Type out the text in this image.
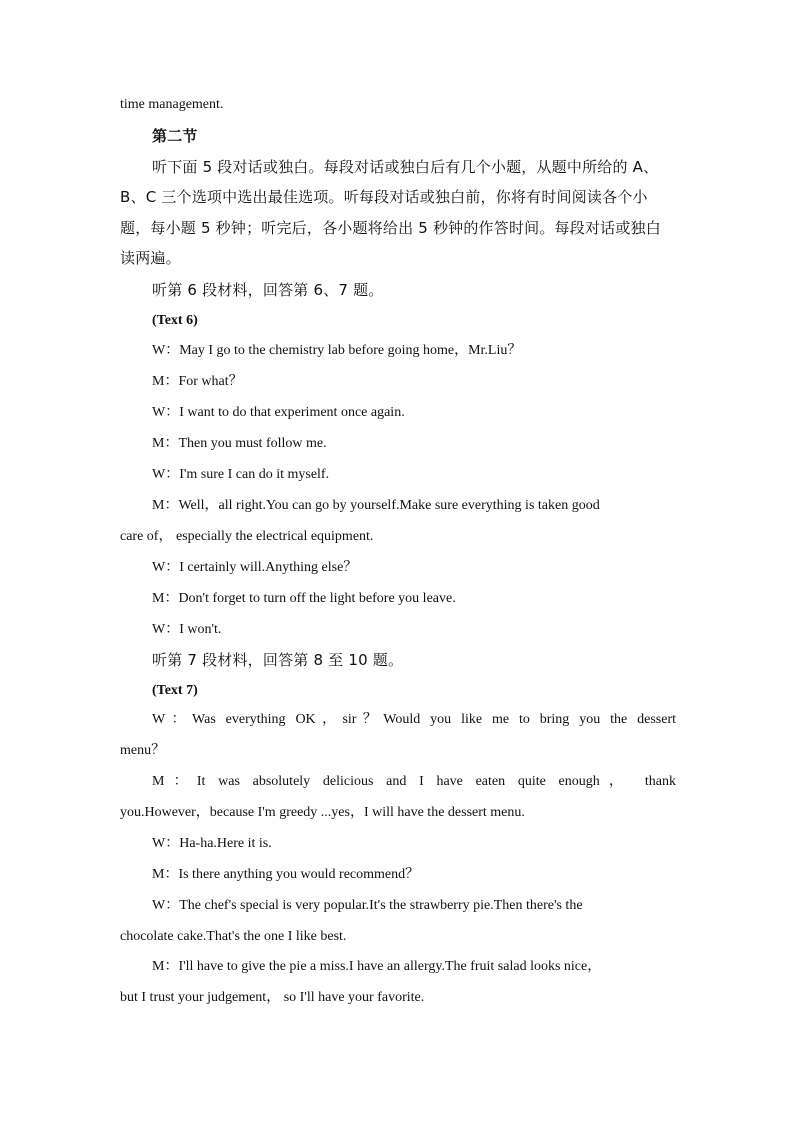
time management.
第二节
听下面 5 段对话或独白。每段对话或独白后有几个小题，从题中所给的 A、
B、C 三个选项中选出最佳选项。听每段对话或独白前，你将有时间阅读各个小
题，每小题 5 秒钟；听完后，各小题将给出 5 秒钟的作答时间。每段对话或独白
读两遍。
听第 6 段材料，回答第 6、7 题。
(Text 6)
W：May I go to the chemistry lab before going home，Mr.Liu？
M：For what？
W：I want to do that experiment once again.
M：Then you must follow me.
W：I'm sure I can do it myself.
M：Well，all right.You can go by yourself.Make sure everything is taken good
care of， especially the electrical equipment.
W：I certainly will.Anything else？
M：Don't forget to turn off the light before you leave.
W：I won't.
听第 7 段材料，回答第 8 至 10 题。
(Text 7)
W：Was everything OK，sir？Would you like me to bring you the dessert
menu？
M：It was absolutely delicious and I have eaten quite enough， thank
you.However，because I'm greedy ...yes，I will have the dessert menu.
W：Ha-ha.Here it is.
M：Is there anything you would recommend？
W：The chef's special is very popular.It's the strawberry pie.Then there's the
chocolate cake.That's the one I like best.
M：I'll have to give the pie a miss.I have an allergy.The fruit salad looks nice，
but I trust your judgement， so I'll have your favorite.
